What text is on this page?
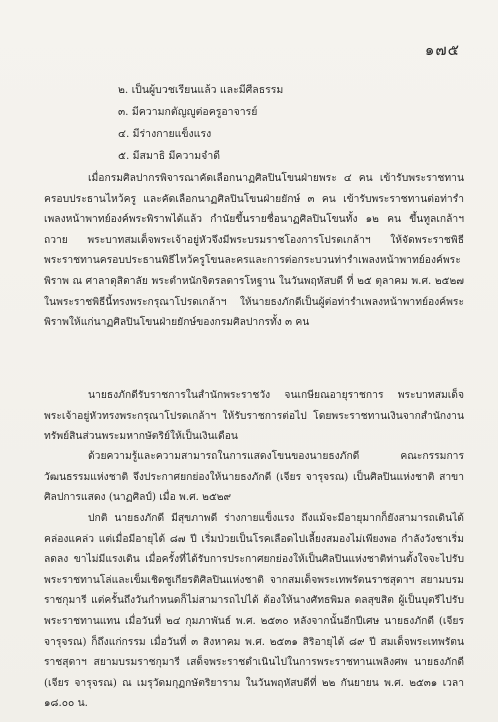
๑๗๕
๒. เป็นผู้บวชเรียนแล้ว และมีศีลธรรม
๓. มีความกตัญญูต่อครูอาจารย์
๔. มีร่างกายแข็งแรง
๕. มีสมาธิ มีความจำดี

เมื่อกรมศิลปากรพิจารณาคัดเลือกนาฏศิลปินโขนฝ่ายพระ ๔ คน เข้ารับพระราชทานครอบประธานไหว้ครู และคัดเลือกนาฏศิลปินโขนฝ่ายยักษ์ ๓ คน เข้ารับพระราชทานต่อท่ารำเพลงหน้าพาทย์องค์พระพิราพได้แล้ว กำนัยขึ้นรายชื่อนาฏศิลปินโขนทั้ง ๑๒ คน ขึ้นทูลเกล้าฯ ถวาย พระบาทสมเด็จพระเจ้าอยู่หัวจึงมีพระบรมราชโองการโปรดเกล้าฯ ให้จัดพระราชพิธีพระราชทานครอบประธานพิธีไหว้ครูโขนละครและการต่อกระบวนท่ารำเพลงหน้าพาทย์องค์พระพิราพ ณ ศาลาดุสิดาลัย พระตำหนักจิตรลดารโหฐาน ในวันพฤหัสบดี ที่ ๒๕ ตุลาคม พ.ศ. ๒๕๒๗ ในพระราชพิธีนี้ทรงพระกรุณาโปรดเกล้าฯ ให้นายธงภักดีเป็นผู้ต่อท่ารำเพลงหน้าพาทย์องค์พระพิราพให้แก่นาฏศิลปินโขนฝ่ายยักษ์ของกรมศิลปากรทั้ง ๓ คน

นายธงภักดีรับราชการในสำนักพระราชวัง จนเกษียณอายุราชการ พระบาทสมเด็จพระเจ้าอยู่หัวทรงพระกรุณาโปรดเกล้าฯ ให้รับราชการต่อไป โดยพระราชทานเงินจากสำนักงานทรัพย์สินส่วนพระมหากษัตริย์ให้เป็นเงินเดือน

ด้วยความรู้และความสามารถในการแสดงโขนของนายธงภักดี คณะกรรมการวัฒนธรรมแห่งชาติ จึงประกาศยกย่องให้นายธงภักดี (เจียร จารุจรณ) เป็นศิลปินแห่งชาติ สาขาศิลปการแสดง (นาฏศิลป์) เมื่อ พ.ศ. ๒๕๒๙

ปกติ นายธงภักดี มีสุขภาพดี ร่างกายแข็งแรง ถึงแม้จะมีอายุมากก็ยังสามารถเดินได้คล่องแคล่ว แต่เมื่อมีอายุได้ ๘๗ ปี เริ่มป่วยเป็นโรคเลือดไปเลี้ยงสมองไม่เพียงพอ กำลังวังชาเริ่มลดลง ขาไม่มีแรงเดิน เมื่อครั้งที่ได้รับการประกาศยกย่องให้เป็นศิลปินแห่งชาติท่านตั้งใจจะไปรับพระราชทานโล่และเข็มเชิดชูเกียรติศิลปินแห่งชาติ จากสมเด็จพระเทพรัตนราชสุดาฯ สยามบรมราชกุมารี แต่ครั้นถึงวันกำหนดก็ไม่สามารถไปได้ ต้องให้นางศัทธพิมล ดลสุขสิต ผู้เป็นบุตรีไปรับพระราชทานแทน เมื่อวันที่ ๒๔ กุมภาพันธ์ พ.ศ. ๒๕๓๐ หลังจากนั้นอีกปีเศษ นายธงภักดี (เจียร จารุจรณ) ก็ถึงแก่กรรม เมื่อวันที่ ๓ สิงหาคม พ.ศ. ๒๕๓๑ สิริอายุได้ ๘๙ ปี สมเด็จพระเทพรัตนราชสุดาฯ สยามบรมราชกุมารี เสด็จพระราชดำเนินไปในการพระราชทานเพลิงศพ นายธงภักดี (เจียร จารุจรณ) ณ เมรุวัดมกุฏกษัตริยาราม ในวันพฤหัสบดีที่ ๒๒ กันยายน พ.ศ. ๒๕๓๑ เวลา ๑๘.๐๐ น.
